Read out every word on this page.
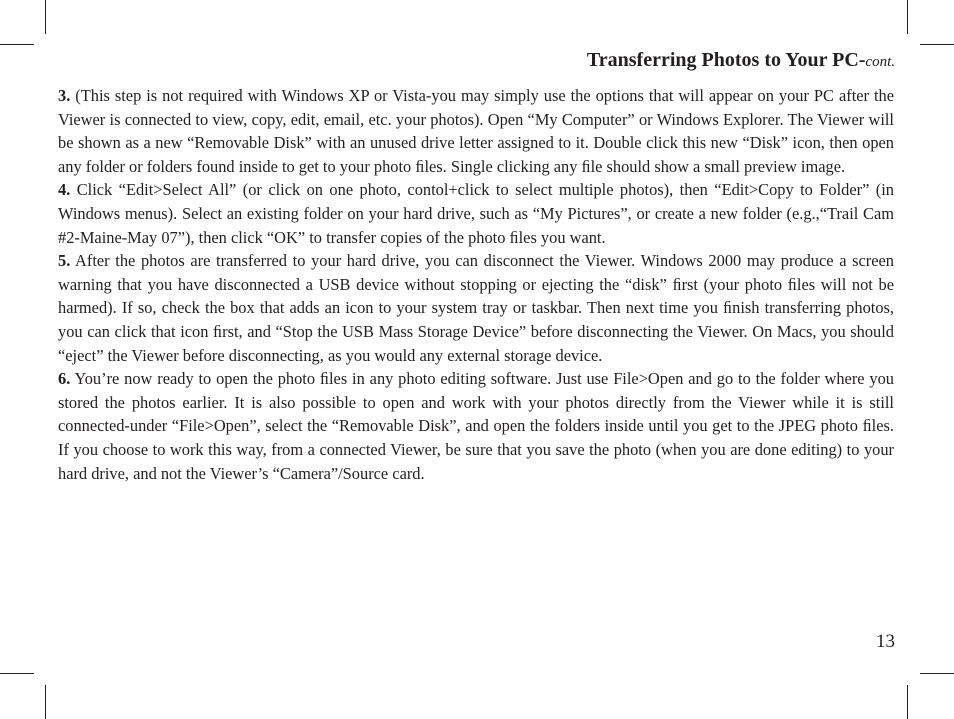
Transferring Photos to Your PC-cont.

3. (This step is not required with Windows XP or Vista-you may simply use the options that will appear on your PC after the Viewer is connected to view, copy, edit, email, etc. your photos). Open “My Computer” or Windows Explorer. The Viewer will be shown as a new “Removable Disk” with an unused drive letter assigned to it. Double click this new “Disk” icon, then open any folder or folders found inside to get to your photo ﬁles. Single clicking any ﬁle should show a small preview image.

4. Click “Edit>Select All” (or click on one photo, contol+click to select multiple photos), then “Edit>Copy to Folder” (in Windows menus). Select an existing folder on your hard drive, such as “My Pictures”, or create a new folder (e.g.,“Trail Cam #2-Maine-May 07”), then click “OK” to transfer copies of the photo ﬁles you want.

5. After the photos are transferred to your hard drive, you can disconnect the Viewer. Windows 2000 may produce a screen warning that you have disconnected a USB device without stopping or ejecting the “disk” ﬁrst (your photo ﬁles will not be harmed). If so, check the box that adds an icon to your system tray or taskbar. Then next time you ﬁnish transferring photos, you can click that icon ﬁrst, and “Stop the USB Mass Storage Device” before disconnecting the Viewer. On Macs, you should “eject” the Viewer before disconnecting, as you would any external storage device.

6. You’re now ready to open the photo ﬁles in any photo editing software. Just use File>Open and go to the folder where you stored the photos earlier. It is also possible to open and work with your photos directly from the Viewer while it is still connected-under “File>Open”, select the “Removable Disk”, and open the folders inside until you get to the JPEG photo ﬁles. If you choose to work this way, from a connected Viewer, be sure that you save the photo (when you are done editing) to your hard drive, and not the Viewer’s “Camera”/Source card.

13
